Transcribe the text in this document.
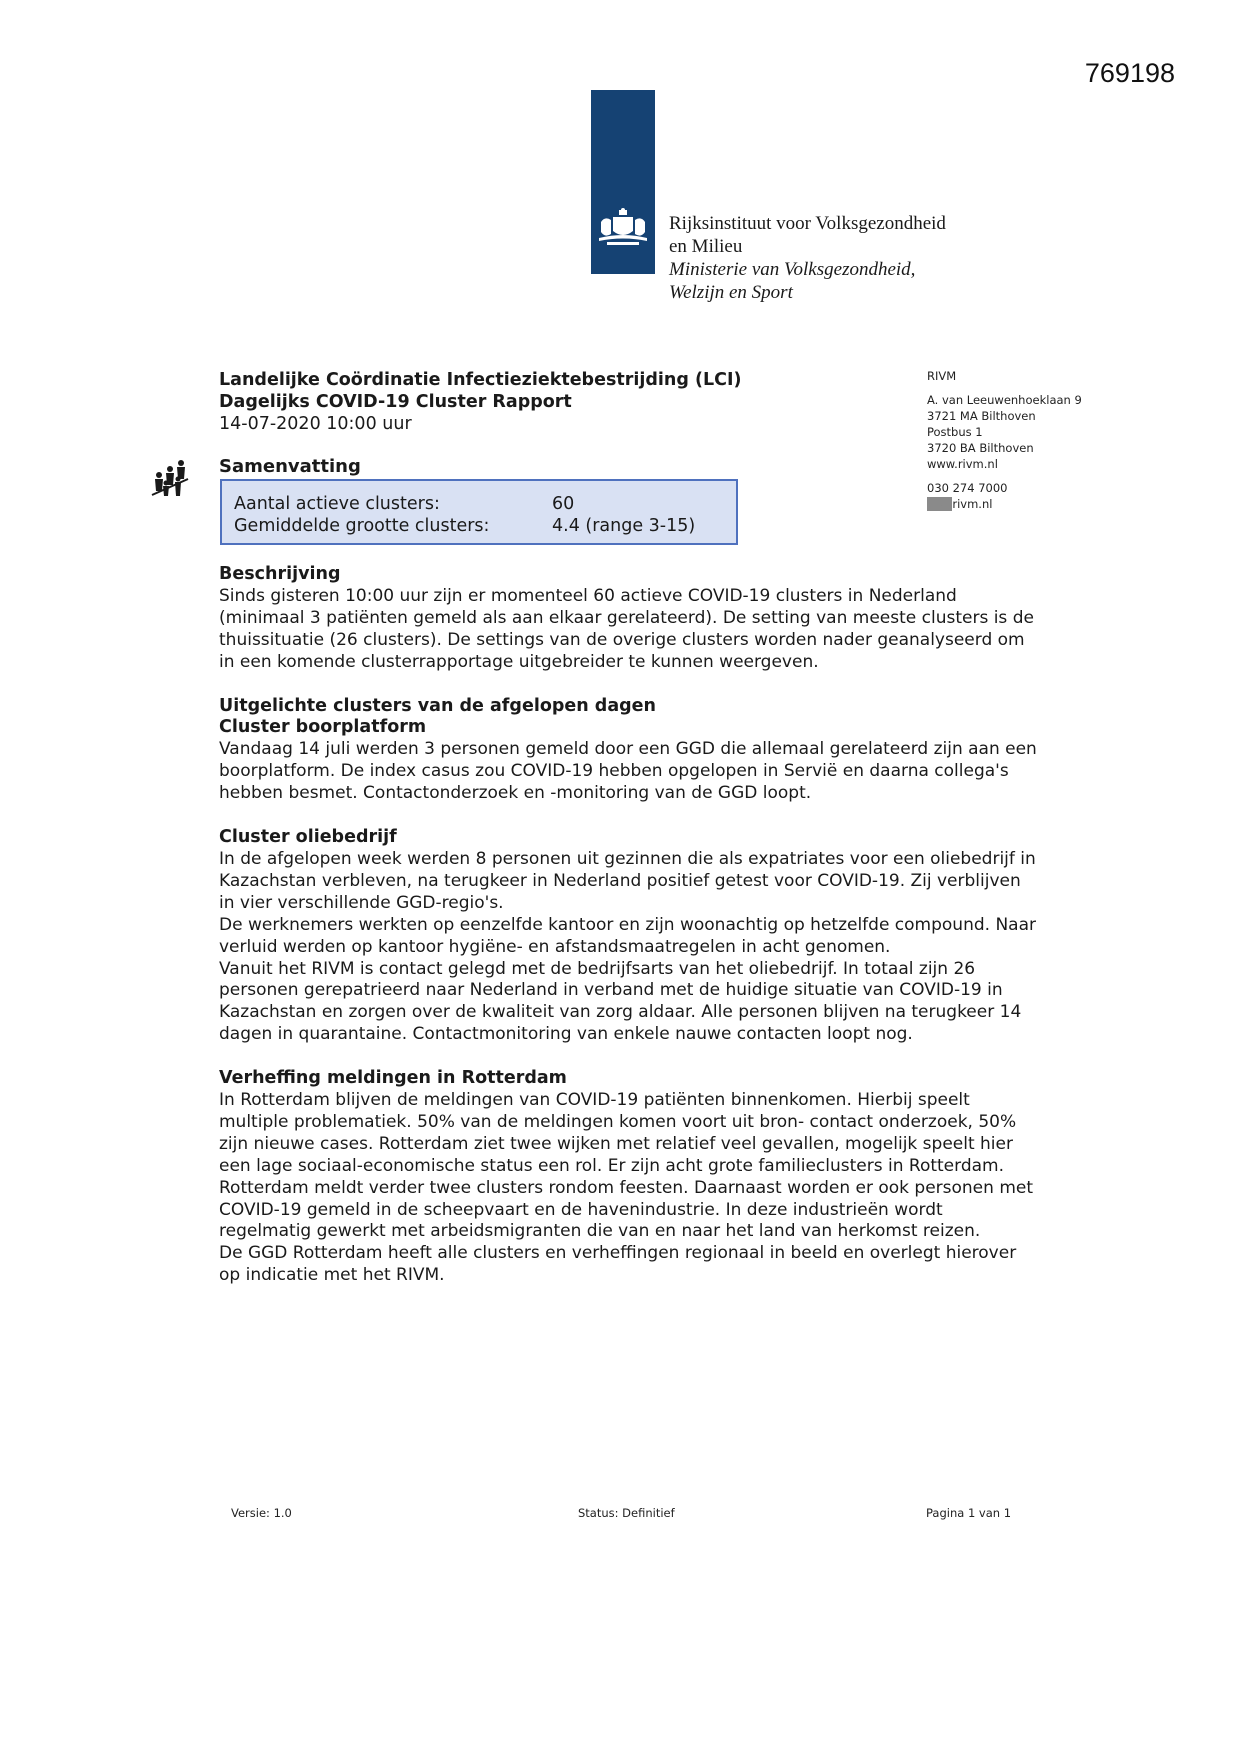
769198
Rijksinstituut voor Volksgezondheid
en Milieu
Ministerie van Volksgezondheid,
Welzijn en Sport
Landelijke Coördinatie Infectieziektebestrijding (LCI)
Dagelijks COVID-19 Cluster Rapport
14-07-2020 10:00 uur
RIVM
A. van Leeuwenhoeklaan 9
3721 MA Bilthoven
Postbus 1
3720 BA Bilthoven
www.rivm.nl
030 274 7000
1.2erivm.nl
Samenvatting
Aantal actieve clusters:	60
Gemiddelde grootte clusters:	4.4 (range 3-15)

Beschrijving

Sinds gisteren 10:00 uur zijn er momenteel 60 actieve COVID-19 clusters in Nederland (minimaal 3 patiënten gemeld als aan elkaar gerelateerd). De setting van meeste clusters is de thuissituatie (26 clusters). De settings van de overige clusters worden nader geanalyseerd om in een komende clusterrapportage uitgebreider te kunnen weergeven.

Uitgelichte clusters van de afgelopen dagen

Cluster boorplatform

Vandaag 14 juli werden 3 personen gemeld door een GGD die allemaal gerelateerd zijn aan een boorplatform. De index casus zou COVID-19 hebben opgelopen in Servië en daarna collega's hebben besmet. Contactonderzoek en -monitoring van de GGD loopt.

Cluster oliebedrijf

In de afgelopen week werden 8 personen uit gezinnen die als expatriates voor een oliebedrijf in Kazachstan verbleven, na terugkeer in Nederland positief getest voor COVID-19. Zij verblijven in vier verschillende GGD-regio's.

De werknemers werkten op eenzelfde kantoor en zijn woonachtig op hetzelfde compound. Naar verluid werden op kantoor hygiëne- en afstandsmaatregelen in acht genomen.

Vanuit het RIVM is contact gelegd met de bedrijfsarts van het oliebedrijf. In totaal zijn 26 personen gerepatrieerd naar Nederland in verband met de huidige situatie van COVID-19 in Kazachstan en zorgen over de kwaliteit van zorg aldaar. Alle personen blijven na terugkeer 14 dagen in quarantaine. Contactmonitoring van enkele nauwe contacten loopt nog.

Verheffing meldingen in Rotterdam

In Rotterdam blijven de meldingen van COVID-19 patiënten binnenkomen. Hierbij speelt multiple problematiek. 50% van de meldingen komen voort uit bron- contact onderzoek, 50% zijn nieuwe cases. Rotterdam ziet twee wijken met relatief veel gevallen, mogelijk speelt hier een lage sociaal-economische status een rol. Er zijn acht grote familieclusters in Rotterdam. Rotterdam meldt verder twee clusters rondom feesten. Daarnaast worden er ook personen met COVID-19 gemeld in de scheepvaart en de havenindustrie. In deze industrieën wordt regelmatig gewerkt met arbeidsmigranten die van en naar het land van herkomst reizen.

De GGD Rotterdam heeft alle clusters en verheffingen regionaal in beeld en overlegt hierover op indicatie met het RIVM.

Versie: 1.0	Status: Definitief	Pagina 1 van 1
